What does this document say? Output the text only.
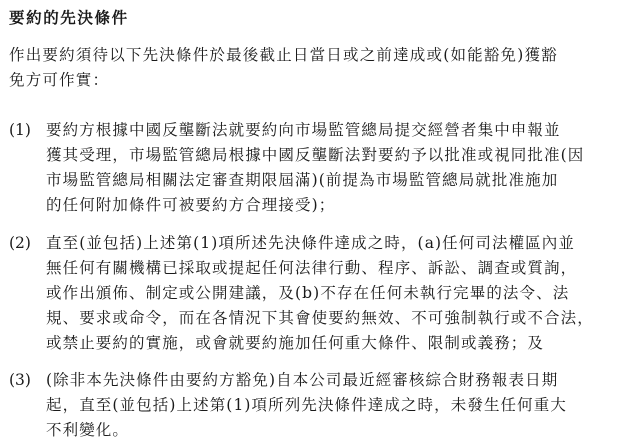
要約的先決條件
作出要約須待以下先決條件於最後截止日當日或之前達成或(如能豁免)獲豁
免方可作實：
(1) 要約方根據中國反壟斷法就要約向市場監管總局提交經營者集中申報並
獲其受理，市場監管總局根據中國反壟斷法對要約予以批准或視同批准(因
市場監管總局相關法定審查期限屆滿)(前提為市場監管總局就批准施加
的任何附加條件可被要約方合理接受)；
(2) 直至(並包括)上述第(1)項所述先決條件達成之時，(a)任何司法權區內並
無任何有關機構已採取或提起任何法律行動、程序、訴訟、調查或質詢，
或作出頒佈、制定或公開建議，及(b)不存在任何未執行完畢的法令、法
規、要求或命令，而在各情況下其會使要約無效、不可強制執行或不合法，
或禁止要約的實施，或會就要約施加任何重大條件、限制或義務；及
(3) (除非本先決條件由要約方豁免)自本公司最近經審核綜合財務報表日期
起，直至(並包括)上述第(1)項所列先決條件達成之時，未發生任何重大
不利變化。
